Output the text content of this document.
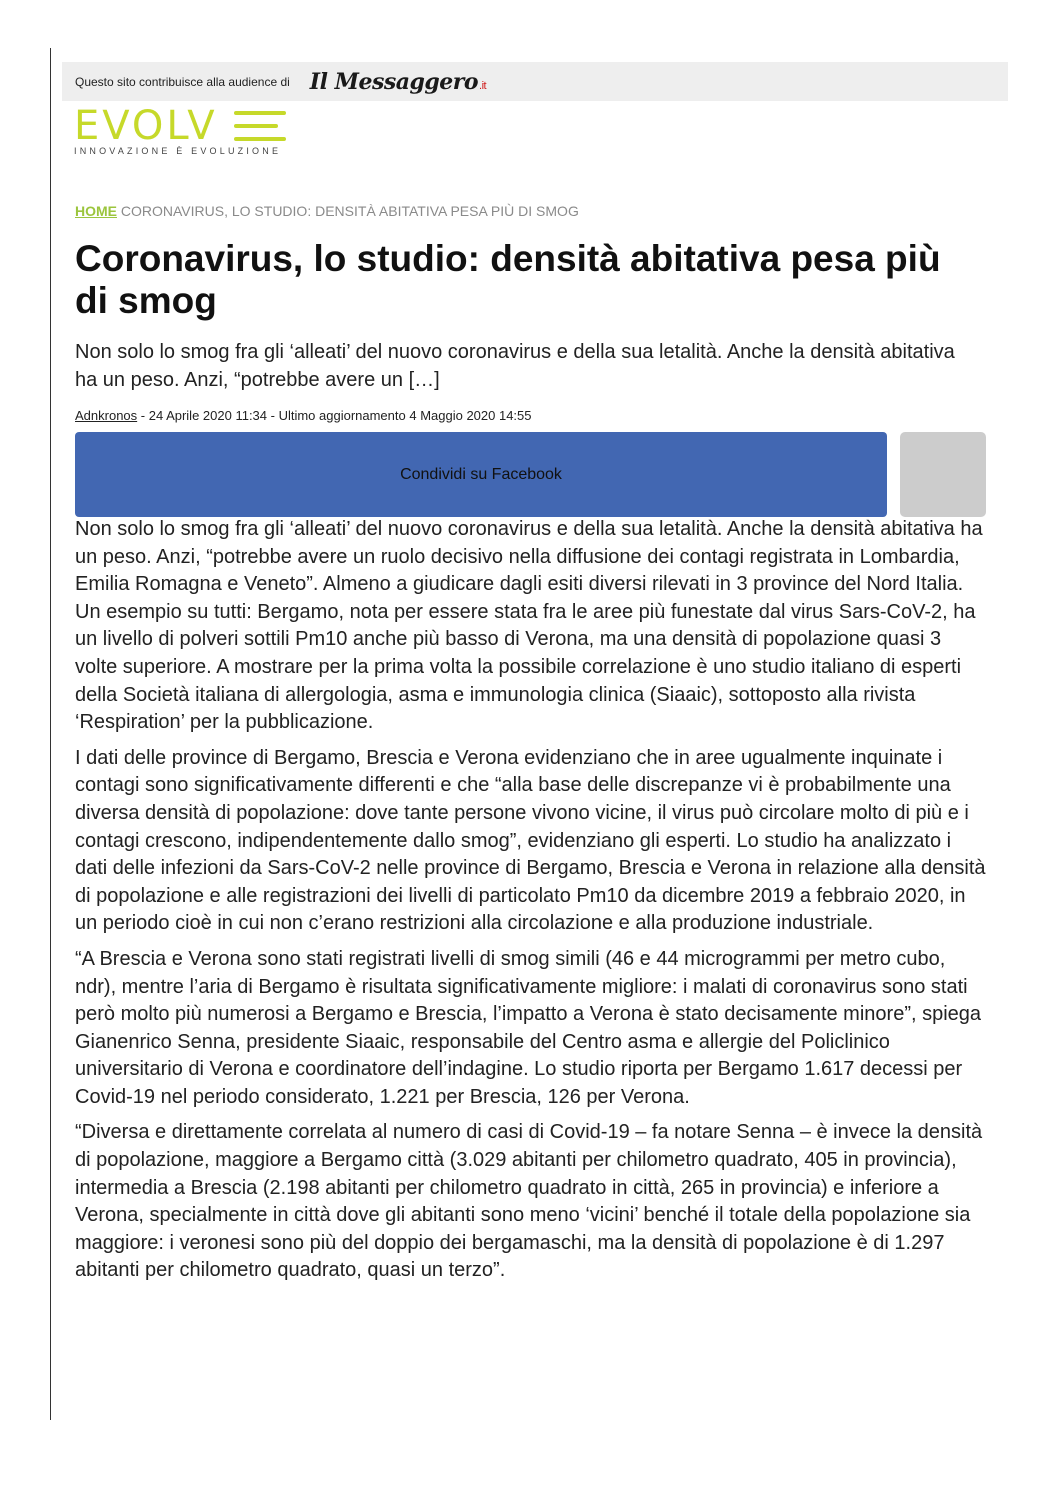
Questo sito contribuisce alla audience di Il Messaggero .it
EVOLV
INNOVAZIONE È EVOLUZIONE
HOME CORONAVIRUS, LO STUDIO: DENSITÀ ABITATIVA PESA PIÙ DI SMOG
Coronavirus, lo studio: densità abitativa pesa più di smog

Non solo lo smog fra gli ‘alleati’ del nuovo coronavirus e della sua letalità. Anche la densità abitativa ha un peso. Anzi, “potrebbe avere un […]

Adnkronos - 24 Aprile 2020 11:34 - Ultimo aggiornamento 4 Maggio 2020 14:55
Condividi su Facebook

Non solo lo smog fra gli ‘alleati’ del nuovo coronavirus e della sua letalità. Anche la densità abitativa ha un peso. Anzi, “potrebbe avere un ruolo decisivo nella diffusione dei contagi registrata in Lombardia, Emilia Romagna e Veneto”. Almeno a giudicare dagli esiti diversi rilevati in 3 province del Nord Italia. Un esempio su tutti: Bergamo, nota per essere stata fra le aree più funestate dal virus Sars-CoV-2, ha un livello di polveri sottili Pm10 anche più basso di Verona, ma una densità di popolazione quasi 3 volte superiore. A mostrare per la prima volta la possibile correlazione è uno studio italiano di esperti della Società italiana di allergologia, asma e immunologia clinica (Siaaic), sottoposto alla rivista ‘Respiration’ per la pubblicazione.

I dati delle province di Bergamo, Brescia e Verona evidenziano che in aree ugualmente inquinate i contagi sono significativamente differenti e che “alla base delle discrepanze vi è probabilmente una diversa densità di popolazione: dove tante persone vivono vicine, il virus può circolare molto di più e i contagi crescono, indipendentemente dallo smog”, evidenziano gli esperti. Lo studio ha analizzato i dati delle infezioni da Sars-CoV-2 nelle province di Bergamo, Brescia e Verona in relazione alla densità di popolazione e alle registrazioni dei livelli di particolato Pm10 da dicembre 2019 a febbraio 2020, in un periodo cioè in cui non c’erano restrizioni alla circolazione e alla produzione industriale.

“A Brescia e Verona sono stati registrati livelli di smog simili (46 e 44 microgrammi per metro cubo, ndr), mentre l’aria di Bergamo è risultata significativamente migliore: i malati di coronavirus sono stati però molto più numerosi a Bergamo e Brescia, l’impatto a Verona è stato decisamente minore”, spiega Gianenrico Senna, presidente Siaaic, responsabile del Centro asma e allergie del Policlinico universitario di Verona e coordinatore dell’indagine. Lo studio riporta per Bergamo 1.617 decessi per Covid-19 nel periodo considerato, 1.221 per Brescia, 126 per Verona.

“Diversa e direttamente correlata al numero di casi di Covid-19 – fa notare Senna – è invece la densità di popolazione, maggiore a Bergamo città (3.029 abitanti per chilometro quadrato, 405 in provincia), intermedia a Brescia (2.198 abitanti per chilometro quadrato in città, 265 in provincia) e inferiore a Verona, specialmente in città dove gli abitanti sono meno ‘vicini’ benché il totale della popolazione sia maggiore: i veronesi sono più del doppio dei bergamaschi, ma la densità di popolazione è di 1.297 abitanti per chilometro quadrato, quasi un terzo”.
